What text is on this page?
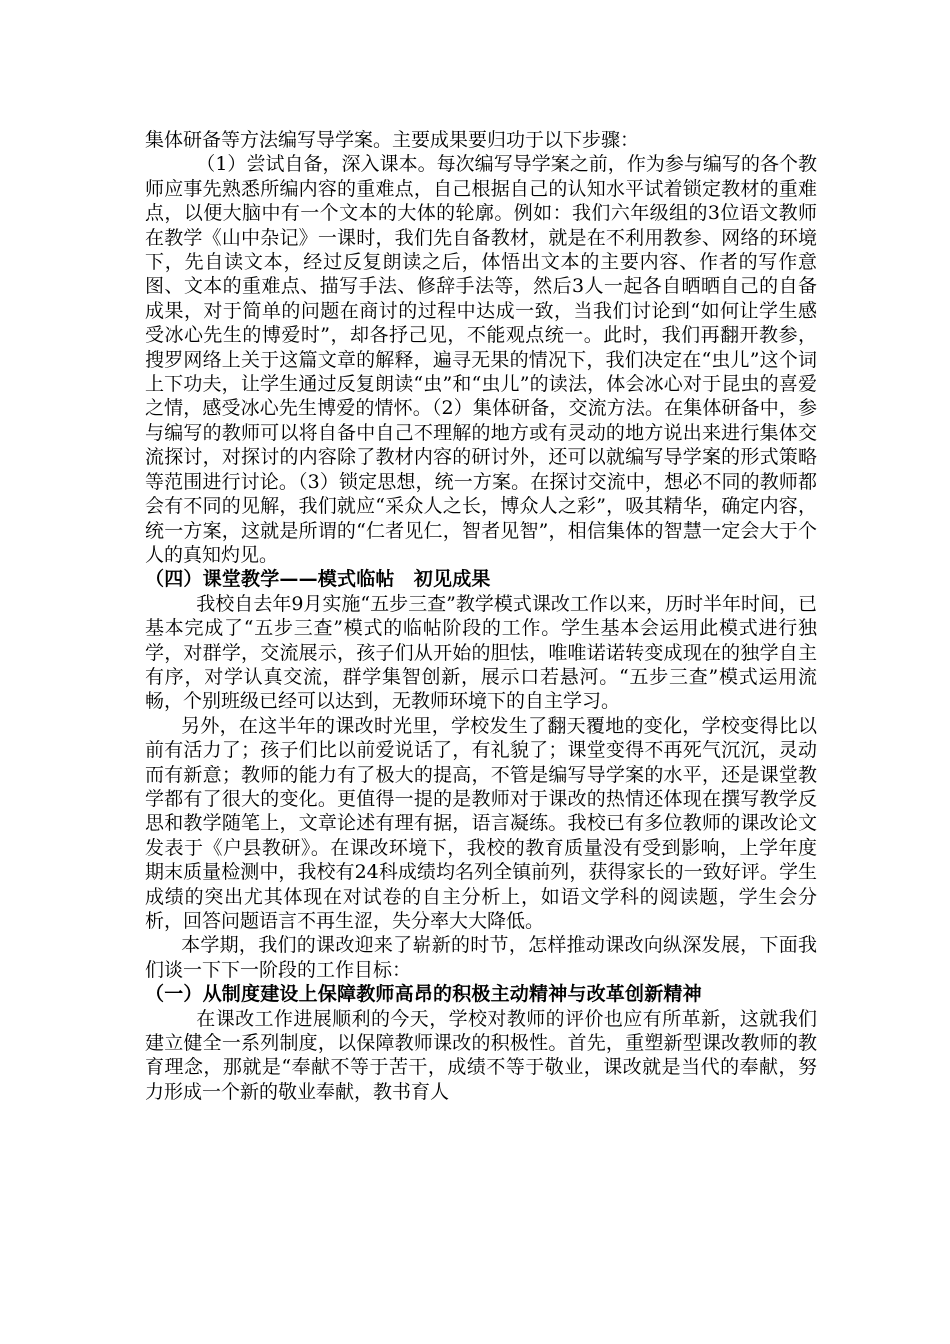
集体研备等方法编写导学案。主要成果要归功于以下步骤：

（1）尝试自备，深入课本。每次编写导学案之前，作为参与编写的各个教师应事先熟悉所编内容的重难点，自己根据自己的认知水平试着锁定教材的重难点，以便大脑中有一个文本的大体的轮廓。例如：我们六年级组的3位语文教师在教学《山中杂记》一课时，我们先自备教材，就是在不利用教参、网络的环境下，先自读文本，经过反复朗读之后，体悟出文本的主要内容、作者的写作意图、文本的重难点、描写手法、修辞手法等，然后3人一起各自晒晒自己的自备成果，对于简单的问题在商讨的过程中达成一致，当我们讨论到“如何让学生感受冰心先生的博爱时”，却各抒己见，不能观点统一。此时，我们再翻开教参，搜罗网络上关于这篇文章的解释，遍寻无果的情况下，我们决定在“虫儿”这个词上下功夫，让学生通过反复朗读“虫”和“虫儿”的读法，体会冰心对于昆虫的喜爱之情，感受冰心先生博爱的情怀。（2）集体研备，交流方法。在集体研备中，参与编写的教师可以将自备中自己不理解的地方或有灵动的地方说出来进行集体交流探讨，对探讨的内容除了教材内容的研讨外，还可以就编写导学案的形式策略等范围进行讨论。（3）锁定思想，统一方案。在探讨交流中，想必不同的教师都会有不同的见解，我们就应“采众人之长，博众人之彩”，吸其精华，确定内容，统一方案，这就是所谓的“仁者见仁，智者见智”，相信集体的智慧一定会大于个人的真知灼见。

（四）课堂教学——模式临帖　初见成果

我校自去年9月实施“五步三查”教学模式课改工作以来，历时半年时间，已基本完成了“五步三查”模式的临帖阶段的工作。学生基本会运用此模式进行独学，对群学，交流展示，孩子们从开始的胆怯，唯唯诺诺转变成现在的独学自主有序，对学认真交流，群学集智创新，展示口若悬河。“五步三查”模式运用流畅，个别班级已经可以达到，无教师环境下的自主学习。

另外，在这半年的课改时光里，学校发生了翻天覆地的变化，学校变得比以前有活力了；孩子们比以前爱说话了，有礼貌了；课堂变得不再死气沉沉，灵动而有新意；教师的能力有了极大的提高，不管是编写导学案的水平，还是课堂教学都有了很大的变化。更值得一提的是教师对于课改的热情还体现在撰写教学反思和教学随笔上，文章论述有理有据，语言凝练。我校已有多位教师的课改论文发表于《户县教研》。在课改环境下，我校的教育质量没有受到影响，上学年度期末质量检测中，我校有24科成绩均名列全镇前列，获得家长的一致好评。学生成绩的突出尤其体现在对试卷的自主分析上，如语文学科的阅读题，学生会分析，回答问题语言不再生涩，失分率大大降低。

本学期，我们的课改迎来了崭新的时节，怎样推动课改向纵深发展，下面我们谈一下下一阶段的工作目标：

（一）从制度建设上保障教师高昂的积极主动精神与改革创新精神

在课改工作进展顺利的今天，学校对教师的评价也应有所革新，这就我们建立健全一系列制度，以保障教师课改的积极性。首先，重塑新型课改教师的教育理念，那就是“奉献不等于苦干，成绩不等于敬业，课改就是当代的奉献，努力形成一个新的敬业奉献，教书育人
